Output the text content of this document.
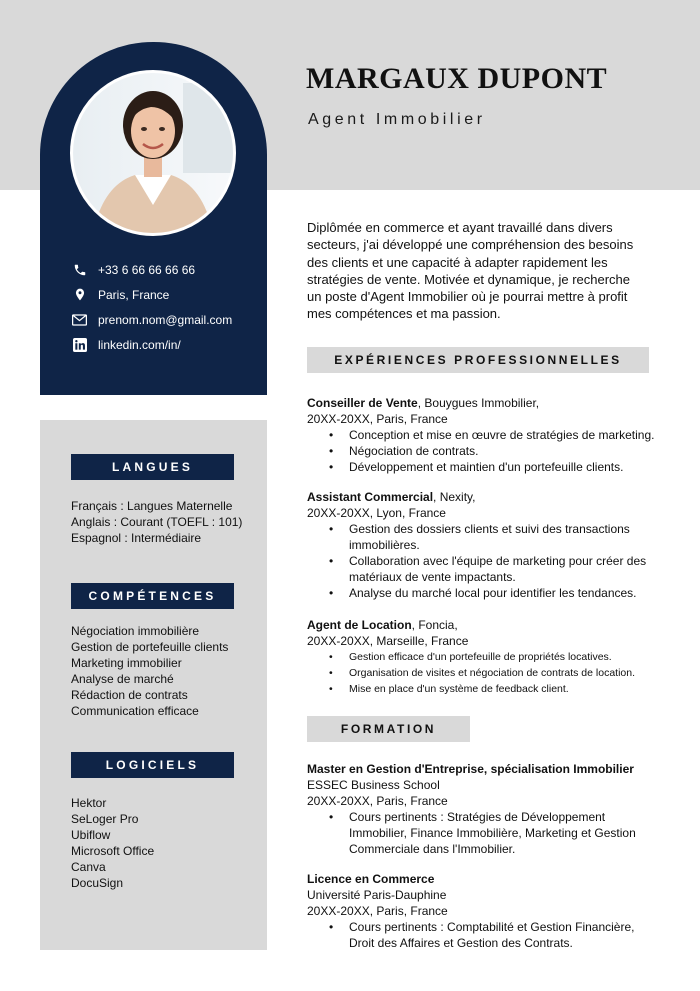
MARGAUX DUPONT
Agent Immobilier
+33 6 66 66 66 66
Paris, France
prenom.nom@gmail.com
linkedin.com/in/
LANGUES
Français : Langues Maternelle
Anglais : Courant (TOEFL : 101)
Espagnol : Intermédiaire
COMPÉTENCES
Négociation immobilière
Gestion de portefeuille clients
Marketing immobilier
Analyse de marché
Rédaction de contrats
Communication efficace
LOGICIELS
Hektor
SeLoger Pro
Ubiflow
Microsoft Office
Canva
DocuSign
Diplômée en commerce et ayant travaillé dans divers secteurs, j'ai développé une compréhension des besoins des clients et une capacité à adapter rapidement les stratégies de vente. Motivée et dynamique, je recherche un poste d'Agent Immobilier où je pourrai mettre à profit mes compétences et ma passion.
EXPÉRIENCES PROFESSIONNELLES
Conseiller de Vente, Bouygues Immobilier,
20XX-20XX, Paris, France
• Conception et mise en œuvre de stratégies de marketing.
• Négociation de contrats.
• Développement et maintien d'un portefeuille clients.
Assistant Commercial, Nexity,
20XX-20XX, Lyon, France
• Gestion des dossiers clients et suivi des transactions immobilières.
• Collaboration avec l'équipe de marketing pour créer des matériaux de vente impactants.
• Analyse du marché local pour identifier les tendances.
Agent de Location, Foncia,
20XX-20XX, Marseille, France
• Gestion efficace d'un portefeuille de propriétés locatives.
• Organisation de visites et négociation de contrats de location.
• Mise en place d'un système de feedback client.
FORMATION
Master en Gestion d'Entreprise, spécialisation Immobilier
ESSEC Business School
20XX-20XX, Paris, France
• Cours pertinents : Stratégies de Développement Immobilier, Finance Immobilière, Marketing et Gestion Commerciale dans l'Immobilier.
Licence en Commerce
Université Paris-Dauphine
20XX-20XX, Paris, France
• Cours pertinents : Comptabilité et Gestion Financière, Droit des Affaires et Gestion des Contrats.
